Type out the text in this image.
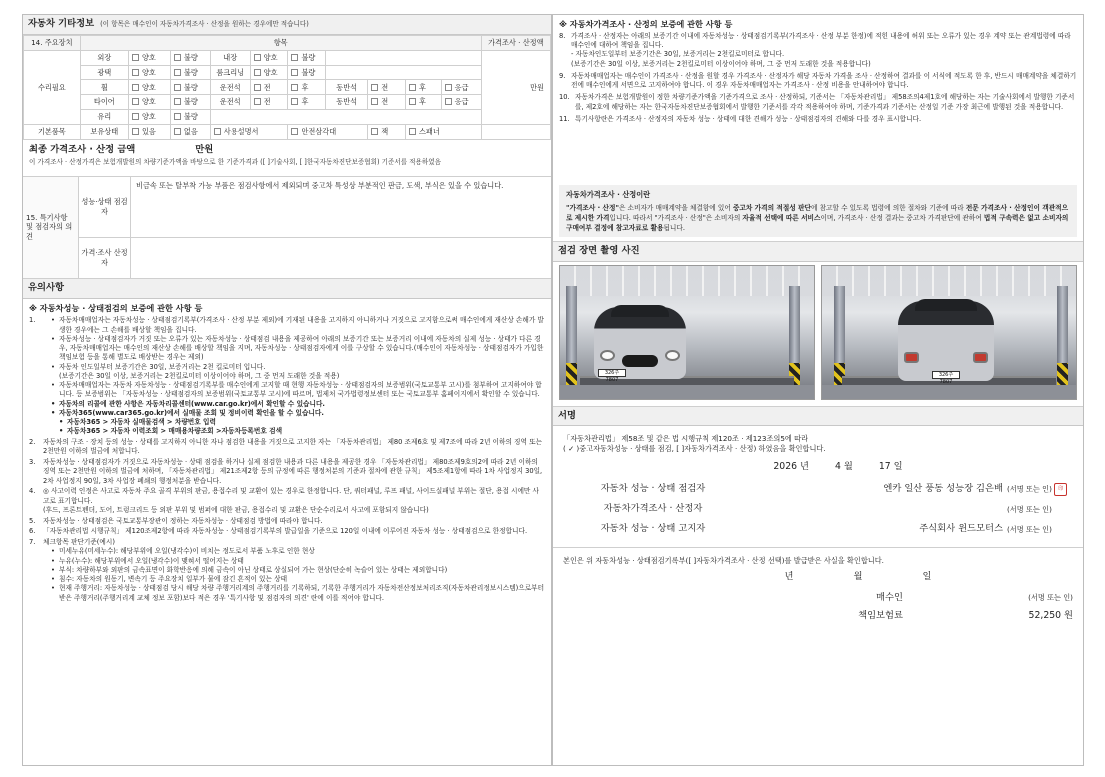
자동차 기타정보 (이 항목은 매수인이 자동차가격조사 · 산정을 원하는 경우에만 적습니다)
14. 주요장치	항목										가격조사 · 산정액
수리필요	외장	양호	불량	내장	양호	불량					만원
	광택	양호	불량	룸크리닝	양호	불량					
	휠	양호	불량	운전석	전	후	동반석	전	후	응급	
	타이어	양호	불량	운전석	전	후	동반석	전	후	응급	
	유리	양호	불량								
기본품목	보유상태	있음	없음	사용설명서		안전삼각대		잭	스패너		
최종 가격조사 · 산정 금액	만원
이 가격조사 · 산정가격은 보험개발원의 차량기준가액을 바탕으로 한 기준가격과 ([ ]기술사회, [ ]한국자동차진단보증협회) 기준서를 적용하였음
15. 특기사항 및 점검자의 의견
성능·상태 점검자
비금속 또는 탈부착 가능 부품은 점검사항에서 제외되며 중고차 특성상 부분적인 판금, 도색, 부식은 있을 수 있습니다.
가격·조사 산정자
유의사항
※ 자동차성능 · 상태점검의 보증에 관한 사항 등
1.	• 자동차매매업자는 자동차성능 · 상태점검기록부(가격조사 · 산정 부분 제외)에 기재된 내용을 고지하지 아니하거나 거짓으로 고지함으로써 매수인에게 재산상 손해가 발생한 경우에는 그 손해를 배상할 책임을 집니다.
• 자동차성능 · 상태점검자가 거짓 또는 오류가 있는 자동차성능 · 상태점검 내용을 제공하여 아래의 보증기간 또는 보증거리 이내에 자동차의 실제 성능 · 상태가 다른 경우, 자동차매매업자는 매수인의 재산상 손해를 배상할 책임을 지며, 자동차성능 · 상태점검자에게 이를 구상할 수 있습니다.(매수인이 자동차성능 · 상태점검자가 가입한 책임보험 등을 통해 별도로 배상받는 경우는 제외)
• 자동차 인도일부터 보증기간은 30일, 보증거리는 2천 킬로미터 입니다.
(보증기간은 30일 이상, 보증거리는 2천킬로미터 이상이어야 하며, 그 중 먼저 도래한 것을 적용)
• 자동차매매업자는 자동차 자동차성능 · 상태점검기록부를 매수인에게 고지할 때 현행 자동차성능 · 상태점검자의 보증범위(국토교통부 고시)를 첨부하여 고지하여야 합니다. 등 보증범위는 「자동차성능 · 상태점검자의 보증범위(국토교통부 고시)에 따르며, 법제처 국가법령정보센터 또는 국토교통부 홈페이지에서 확인할 수 있습니다.
• 자동차의 리콜에 관한 사항은 자동차리콜센터(www.car.go.kr)에서 확인할 수 있습니다.
• 자동차365(www.car365.go.kr)에서 실매물 조회 및 정비이력 확인을 할 수 있습니다.
• 자동차365 > 자동차 실매물검색 > 차량번호 입력
• 자동차365 > 자동차 이력조회 > 매매용차량조회 >자동차등록번호 검색
2.	자동차의 구조 · 장치 등의 성능 · 상태를 고지하지 아니한 자나 점검한 내용을 거짓으로 고지한 자는 「자동차관리법」 제80 조제6호 및 제7조에 따라 2년 이하의 징역 또는 2천만원 이하의 벌금에 처합니다.
3.	자동차성능 · 상태점검자가 거짓으로 자동차성능 · 상태 점검을 하거나 실제 점검한 내용과 다른 내용을 제공한 경우 「자동차관리법」 제80조제9호의2에 따라 2년 이하의 징역 또는 2천만원 이하의 벌금에 처하며, 「자동차관리법」 제21조제2항 등의 규정에 따른 행정처분의 기준과 절차에 관한 규칙」 제5조제1항에 따라 1차 사업정지 30일, 2차 사업정지 90일, 3차 사업장 폐쇄의 행정처분을 받습니다.
4.	◎ 사고이력 인정은 사고로 자동차 주요 골격 부위의 판금, 용접수리 및 교환이 있는 경우로 한정합니다. 단, 쿼터패널, 루프 패널, 사이드실패널 부위는 절단, 용접 시에만 사고로 표기합니다.
(후드, 프론트펜더, 도어, 트렁크리드 등 외판 부위 및 범퍼에 대한 판금, 용접수리 및 교환은 단순수리로서 사고에 포함되지 않습니다)
5.	자동차성능 · 상태점검은 국토교통부장관이 정하는 자동차성능 · 상태점검 방법에 따라야 합니다.
6.	「자동차관리법 시행규칙」 제120조제2항에 따라 자동차성능 · 상태점검기록부의 발급일을 기준으로 120일 이내에 이루어진 자동차 성능 · 상태점검으로 한정합니다.
7.	체크항목 판단기준(예시)
• 미세누유(미세누수): 해당부위에 오일(냉각수)이 비치는 정도로서 부품 노후로 인한 현상
• 누유(누수): 해당부위에서 오일(냉각수)이 맺혀서 떨어지는 상태
• 부식: 차량하부와 외판의 금속표면이 화학반응에 의해 금속이 아닌 상태로 상실되어 가는 현상(단순히 녹슬어 있는 상태는 제외합니다)
• 침수: 자동차의 원동기, 변속기 등 주요장치 일부가 물에 잠긴 흔적이 있는 상태
• 현재 주행거리: 자동차성능 · 상태점검 당시 해당 차량 주행거리계의 주행거리를 기록하되, 기록한 주행거리가 자동차전산정보처리조직(자동차관리정보시스템)으로부터 받은 주행거리(주행거리계 교체 정보 포함)보다 적은 경우 '특기사항 및 점검자의 의견' 란에 이를 적어야 합니다.
※ 자동차가격조사 · 산정의 보증에 관한 사항 등
8. 가격조사 · 산정자는 아래의 보증기간 이내에 자동차성능 · 상태점검기록부(가격조사 · 산정 부분 한정)에 적힌 내용에 허위 또는 오류가 있는 경우 계약 또는 관계법령에 따라 매수인에 대하여 책임을 집니다.
- 자동차인도일부터 보증기간은 30일, 보증거리는 2천킬로미터로 합니다.
(보증기간은 30일 이상, 보증거리는 2천킬로미터 이상이어야 하며, 그 중 먼저 도래한 것을 적용합니다)
9. 자동차매매업자는 매수인이 가격조사 · 산정을 원할 경우 가격조사 · 산정자가 해당 자동차 가격을 조사 · 산정하여 결과를 이 서식에 적도록 한 후, 반드시 매매계약을 체결하기 전에 매수인에게 서면으로 고지하여야 합니다. 이 경우 자동차매매업자는 가격조사 · 산정 비용을 안내하여야 합니다.
10. 자동차가격은 보험개발원이 정한 차량기준가액을 기준가격으로 조사 · 산정하되, 기준서는 「자동차관리법」 제58조의4제1호에 해당하는 자는 기술사회에서 발행한 기준서를, 제2호에 해당하는 자는 한국자동차진단보증협회에서 발행한 기준서를 각각 적용하여야 하며, 기준가격과 기준서는 산정일 기준 가장 최근에 발행된 것을 적용합니다.
11. 특기사항란은 가격조사 · 산정자의 자동차 성능 · 상태에 대한 견해가 성능 · 상태점검자의 견해와 다를 경우 표시합니다.
자동차가격조사 · 산정이란
"가격조사 · 산정"은 소비자가 매매계약을 체결함에 있어 중고차 가격의 적절성 판단에 참고할 수 있도록 법령에 의한 절차와 기준에 따라 전문 가격조사 · 산정인이 객관적으로 제시한 가격입니다. 따라서 "가격조사 · 산정"은 소비자의 자율적 선택에 따른 서비스이며, 가격조사 · 산정 결과는 중고차 가격판단에 관하여 법적 구속력은 없고 소비자의 구매여부 결정에 참고자료로 활용됩니다.
점검 장면 촬영 사진
326주 7807
326주 7807
서명
「자동차관리법」 제58조 및 같은 법 시행규칙 제120조 · 제123조의5에 따라
( ✓ )중고자동차성능 · 상태를 점검, [ ]자동차가격조사 · 산정) 하였음을 확인합니다.
2026 년	4 월	17 일
자동차 성능 · 상태 점검자	엔카 일산 풍동 성능장 김은배 (서명 또는 인) 印
자동차가격조사 · 산정자	(서명 또는 인)
자동차 성능 · 상태 고지자	주식회사 윈드모터스 (서명 또는 인)
본인은 위 자동차성능 · 상태점검기록부([ ]자동차가격조사 · 산정 선택)를 발급받은 사실을 확인합니다.
년	월	일
매수인	(서명 또는 인)
책임보험료	52,250 원
